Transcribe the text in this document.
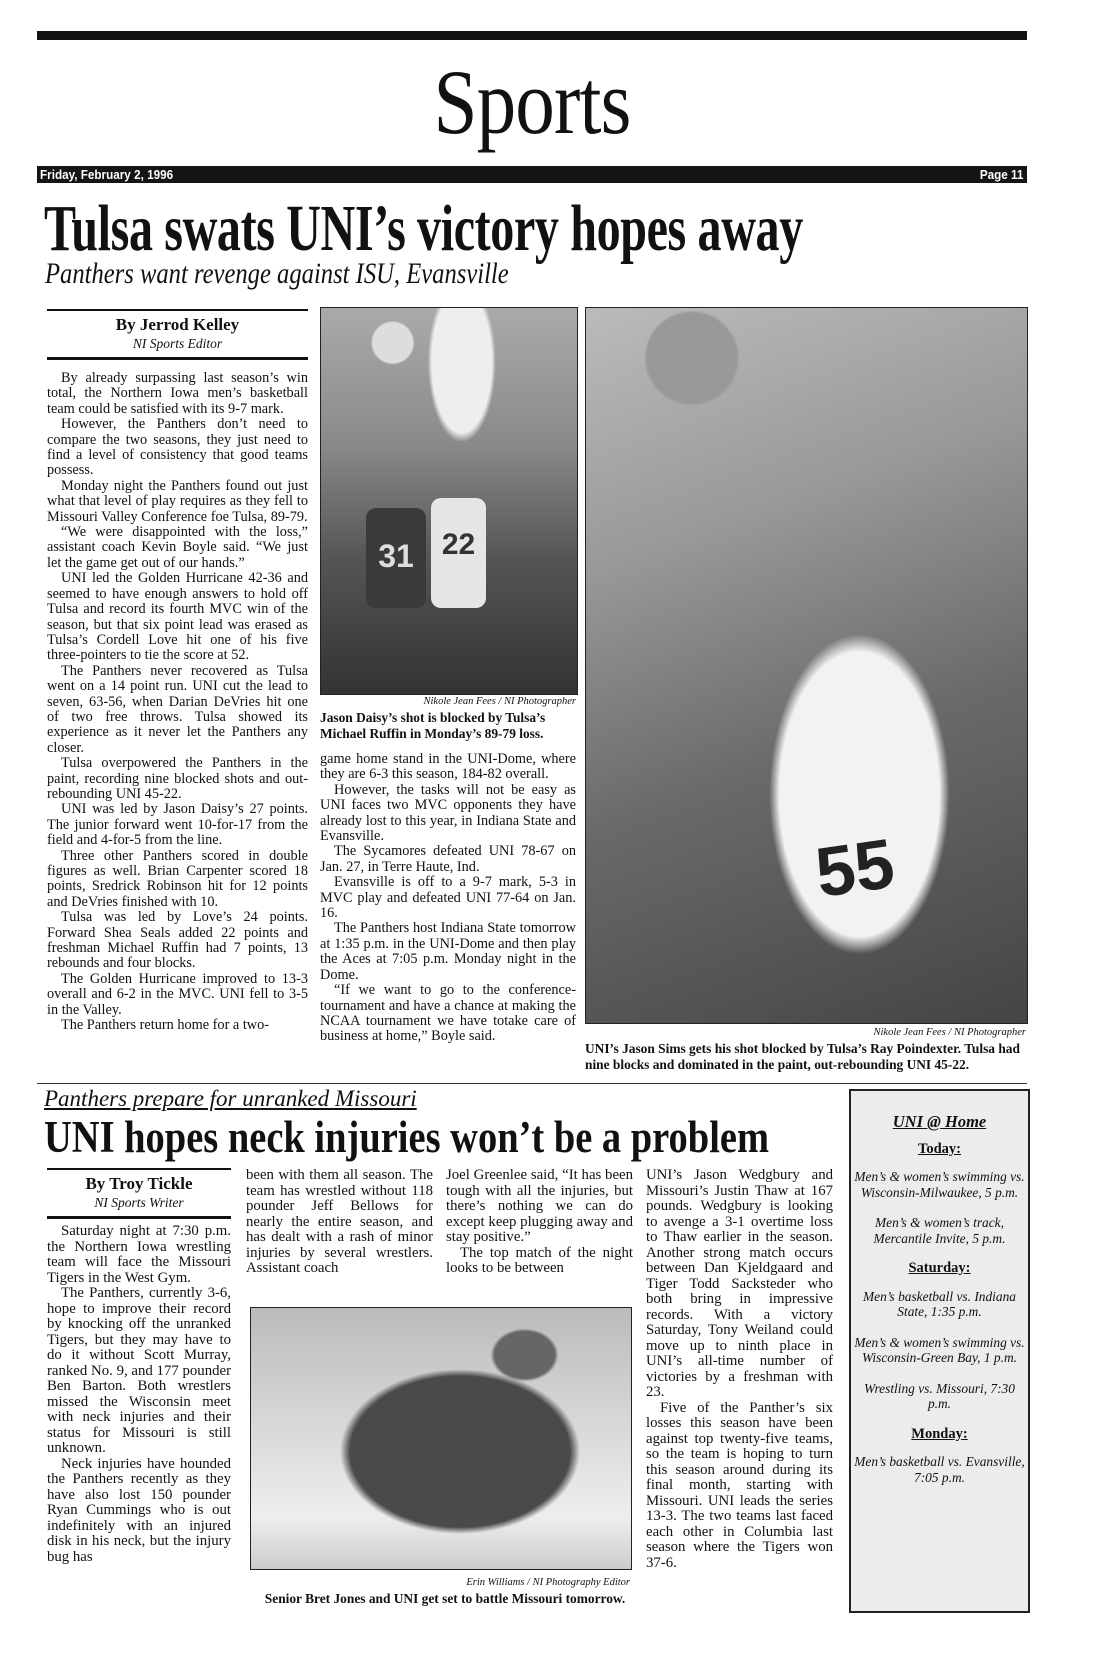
Sports
Friday, February 2, 1996	Page 11
Tulsa swats UNI’s victory hopes away
Panthers want revenge against ISU, Evansville
By Jerrod Kelley
NI Sports Editor

By already surpassing last season’s win total, the Northern Iowa men’s basketball team could be satisfied with its 9-7 mark.

However, the Panthers don’t need to compare the two seasons, they just need to find a level of consistency that good teams possess.

Monday night the Panthers found out just what that level of play requires as they fell to Missouri Valley Conference foe Tulsa, 89-79.

“We were disappointed with the loss,” assistant coach Kevin Boyle said. “We just let the game get out of our hands.”

UNI led the Golden Hurricane 42-36 and seemed to have enough answers to hold off Tulsa and record its fourth MVC win of the season, but that six point lead was erased as Tulsa’s Cordell Love hit one of his five three-pointers to tie the score at 52.

The Panthers never recovered as Tulsa went on a 14 point run. UNI cut the lead to seven, 63-56, when Darian DeVries hit one of two free throws. Tulsa showed its experience as it never let the Panthers any closer.

Tulsa overpowered the Panthers in the paint, recording nine blocked shots and out-rebounding UNI 45-22.

UNI was led by Jason Daisy’s 27 points. The junior forward went 10-for-17 from the field and 4-for-5 from the line.

Three other Panthers scored in double figures as well. Brian Carpenter scored 18 points, Sredrick Robinson hit for 12 points and DeVries finished with 10.

Tulsa was led by Love’s 24 points. Forward Shea Seals added 22 points and freshman Michael Ruffin had 7 points, 13 rebounds and four blocks.

The Golden Hurricane improved to 13-3 overall and 6-2 in the MVC. UNI fell to 3-5 in the Valley.

The Panthers return home for a two-

31 22
Nikole Jean Fees / NI Photographer
Jason Daisy’s shot is blocked by Tulsa’s Michael Ruffin in Monday’s 89-79 loss.

game home stand in the UNI-Dome, where they are 6-3 this season, 184-82 overall.

However, the tasks will not be easy as UNI faces two MVC opponents they have already lost to this year, in Indiana State and Evansville.

The Sycamores defeated UNI 78-67 on Jan. 27, in Terre Haute, Ind.

Evansville is off to a 9-7 mark, 5-3 in MVC play and defeated UNI 77-64 on Jan. 16.

The Panthers host Indiana State tomorrow at 1:35 p.m. in the UNI-Dome and then play the Aces at 7:05 p.m. Monday night in the Dome.

“If we want to go to the conference-tournament and have a chance at making the NCAA tournament we have totake care of business at home,” Boyle said.

55
Nikole Jean Fees / NI Photographer
UNI’s Jason Sims gets his shot blocked by Tulsa’s Ray Poindexter. Tulsa had nine blocks and dominated in the paint, out-rebounding UNI 45-22.
Panthers prepare for unranked Missouri
UNI hopes neck injuries won’t be a problem
By Troy Tickle
NI Sports Writer

Saturday night at 7:30 p.m. the Northern Iowa wrestling team will face the Missouri Tigers in the West Gym.

The Panthers, currently 3-6, hope to improve their record by knocking off the unranked Tigers, but they may have to do it without Scott Murray, ranked No. 9, and 177 pounder Ben Barton. Both wrestlers missed the Wisconsin meet with neck injuries and their status for Missouri is still unknown.

Neck injuries have hounded the Panthers recently as they have also lost 150 pounder Ryan Cummings who is out indefinitely with an injured disk in his neck, but the injury bug has

been with them all season. The team has wrestled without 118 pounder Jeff Bellows for nearly the entire season, and has dealt with a rash of minor injuries by several wrestlers. Assistant coach

Joel Greenlee said, “It has been tough with all the injuries, but there’s nothing we can do except keep plugging away and stay positive.”

The top match of the night looks to be between

UNI’s Jason Wedgbury and Missouri’s Justin Thaw at 167 pounds. Wedgbury is looking to avenge a 3-1 overtime loss to Thaw earlier in the season. Another strong match occurs between Dan Kjeldgaard and Tiger Todd Sacksteder who both bring in impressive records. With a victory Saturday, Tony Weiland could move up to ninth place in UNI’s all-time number of victories by a freshman with 23.

Five of the Panther’s six losses this season have been against top twenty-five teams, so the team is hoping to turn this season around during its final month, starting with Missouri. UNI leads the series 13-3. The two teams last faced each other in Columbia last season where the Tigers won 37-6.

Erin Williams / NI Photography Editor
Senior Bret Jones and UNI get set to battle Missouri tomorrow.
UNI @ Home
Today:
Men’s & women’s swimming vs. Wisconsin-Milwaukee, 5 p.m.
Men’s & women’s track, Mercantile Invite, 5 p.m.
Saturday:
Men’s basketball vs. Indiana State, 1:35 p.m.
Men’s & women’s swimming vs. Wisconsin-Green Bay, 1 p.m.
Wrestling vs. Missouri, 7:30 p.m.
Monday:
Men’s basketball vs. Evansville, 7:05 p.m.
